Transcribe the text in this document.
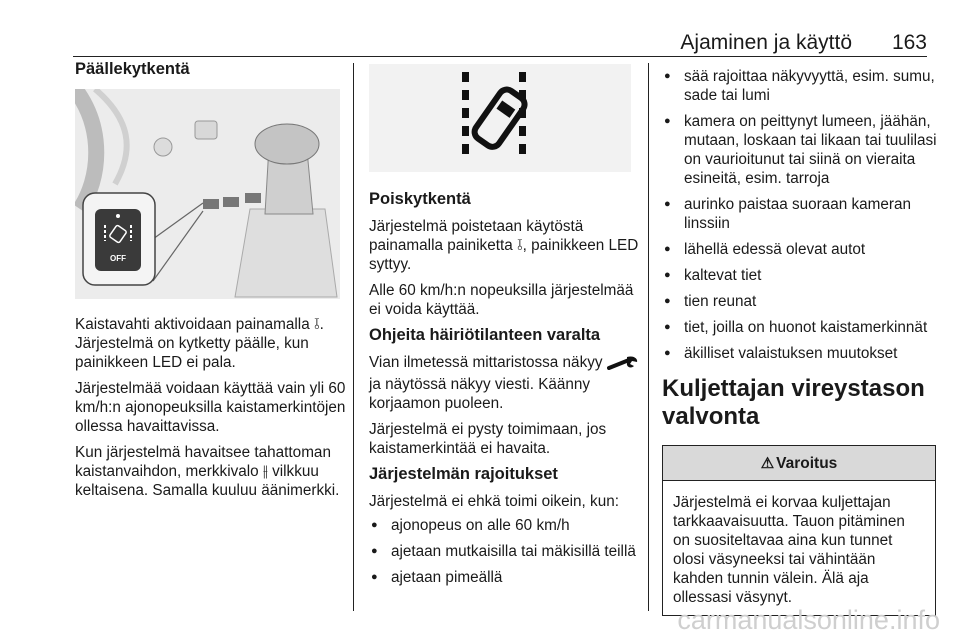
Ajaminen ja käyttö 163
Päällekytkentä
OFF

Kaistavahti aktivoidaan painamalla ⫱. Järjestelmä on kytketty päälle, kun painikkeen LED ei pala.

Järjestelmää voidaan käyttää vain yli 60 km/h:n ajonopeuksilla kaistamerkintöjen ollessa havaittavissa.

Kun järjestelmä havaitsee tahattoman kaistanvaihdon, merkkivalo ⫲ vilkkuu keltaisena. Samalla kuuluu äänimerkki.

Poiskytkentä

Järjestelmä poistetaan käytöstä painamalla painiketta ⫱, painikkeen LED syttyy.

Alle 60 km/h:n nopeuksilla järjestelmää ei voida käyttää.

Ohjeita häiriötilanteen varalta

Vian ilmetessä mittaristossa näkyy  ja näytössä näkyy viesti. Käänny korjaamon puoleen.

Järjestelmä ei pysty toimimaan, jos kaistamerkintää ei havaita.

Järjestelmän rajoitukset

Järjestelmä ei ehkä toimi oikein, kun:

● ajonopeus on alle 60 km/h
● ajetaan mutkaisilla tai mäkisillä teillä
● ajetaan pimeällä
● sää rajoittaa näkyvyyttä, esim. sumu, sade tai lumi
● kamera on peittynyt lumeen, jäähän, mutaan, loskaan tai likaan tai tuulilasi on vaurioitunut tai siinä on vieraita esineitä, esim. tarroja
● aurinko paistaa suoraan kameran linssiin
● lähellä edessä olevat autot
● kaltevat tiet
● tien reunat
● tiet, joilla on huonot kaistamerkinnät
● äkilliset valaistuksen muutokset
Kuljettajan vireystason valvonta
⚠ Varoitus
Järjestelmä ei korvaa kuljettajan tarkkaavaisuutta. Tauon pitäminen on suositeltavaa aina kun tunnet olosi väsyneeksi tai vähintään kahden tunnin välein. Älä aja ollessasi väsynyt.
carmanualsonline.info
